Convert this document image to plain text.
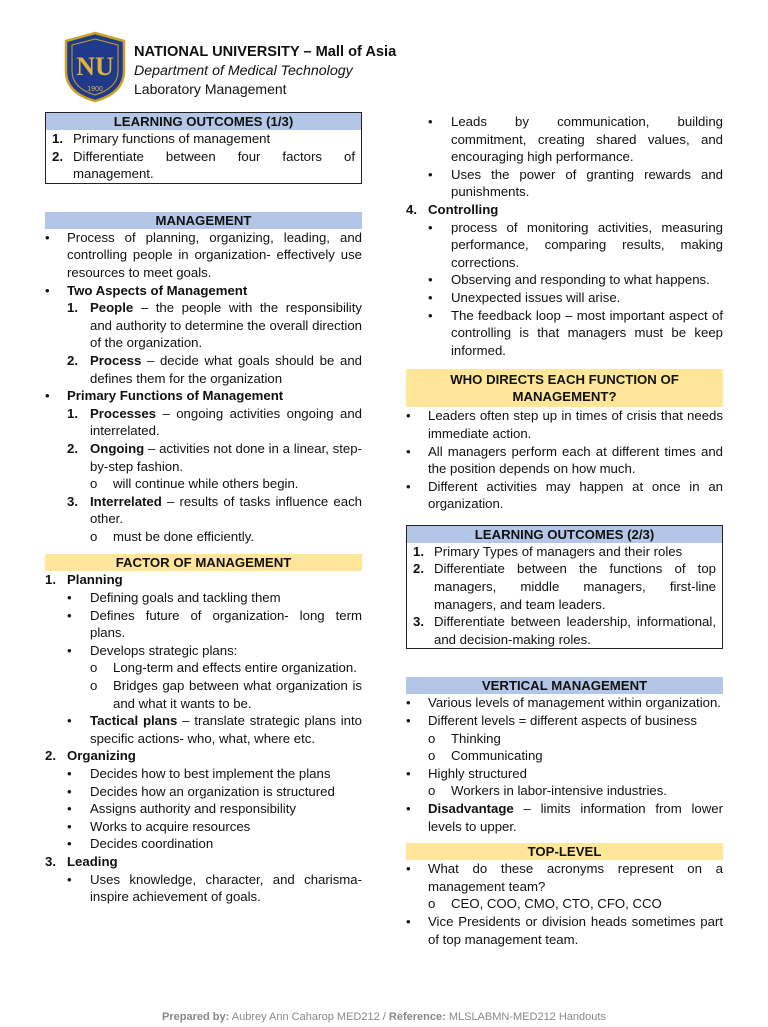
NU
1900
NATIONAL UNIVERSITY – Mall of Asia
Department of Medical Technology
Laboratory Management
LEARNING OUTCOMES (1/3)
1. Primary functions of management
2. Differentiate between four factors of management.
MANAGEMENT
•	Process of planning, organizing, leading, and controlling people in organization- effectively use resources to meet goals.
•	Two Aspects of Management
1. People – the people with the responsibility and authority to determine the overall direction of the organization.
2. Process – decide what goals should be and defines them for the organization
•	Primary Functions of Management
1. Processes – ongoing activities ongoing and interrelated.
2. Ongoing – activities not done in a linear, step-by-step fashion.
o	will continue while others begin.
3. Interrelated – results of tasks influence each other.
o	must be done efficiently.
FACTOR OF MANAGEMENT
1. Planning
•	Defining goals and tackling them
•	Defines future of organization- long term plans.
•	Develops strategic plans:
o	Long-term and effects entire organization.
o	Bridges gap between what organization is and what it wants to be.
•	Tactical plans – translate strategic plans into specific actions- who, what, where etc.
2. Organizing
•	Decides how to best implement the plans
•	Decides how an organization is structured
•	Assigns authority and responsibility
•	Works to acquire resources
•	Decides coordination
3. Leading
•	Uses knowledge, character, and charisma- inspire achievement of goals.
•	Leads by communication, building commitment, creating shared values, and encouraging high performance.
•	Uses the power of granting rewards and punishments.
4. Controlling
•	process of monitoring activities, measuring performance, comparing results, making corrections.
•	Observing and responding to what happens.
•	Unexpected issues will arise.
•	The feedback loop – most important aspect of controlling is that managers must be keep informed.
WHO DIRECTS EACH FUNCTION OF MANAGEMENT?
•	Leaders often step up in times of crisis that needs immediate action.
•	All managers perform each at different times and the position depends on how much.
•	Different activities may happen at once in an organization.
LEARNING OUTCOMES (2/3)
1. Primary Types of managers and their roles
2. Differentiate between the functions of top managers, middle managers, first-line managers, and team leaders.
3. Differentiate between leadership, informational, and decision-making roles.
VERTICAL MANAGEMENT
•	Various levels of management within organization.
•	Different levels = different aspects of business
o	Thinking
o	Communicating
•	Highly structured
o	Workers in labor-intensive industries.
•	Disadvantage – limits information from lower levels to upper.
TOP-LEVEL
•	What do these acronyms represent on a management team?
o	CEO, COO, CMO, CTO, CFO, CCO
•	Vice Presidents or division heads sometimes part of top management team.
Prepared by: Aubrey Ann Caharop MED212 / Reference: MLSLABMN-MED212 Handouts
